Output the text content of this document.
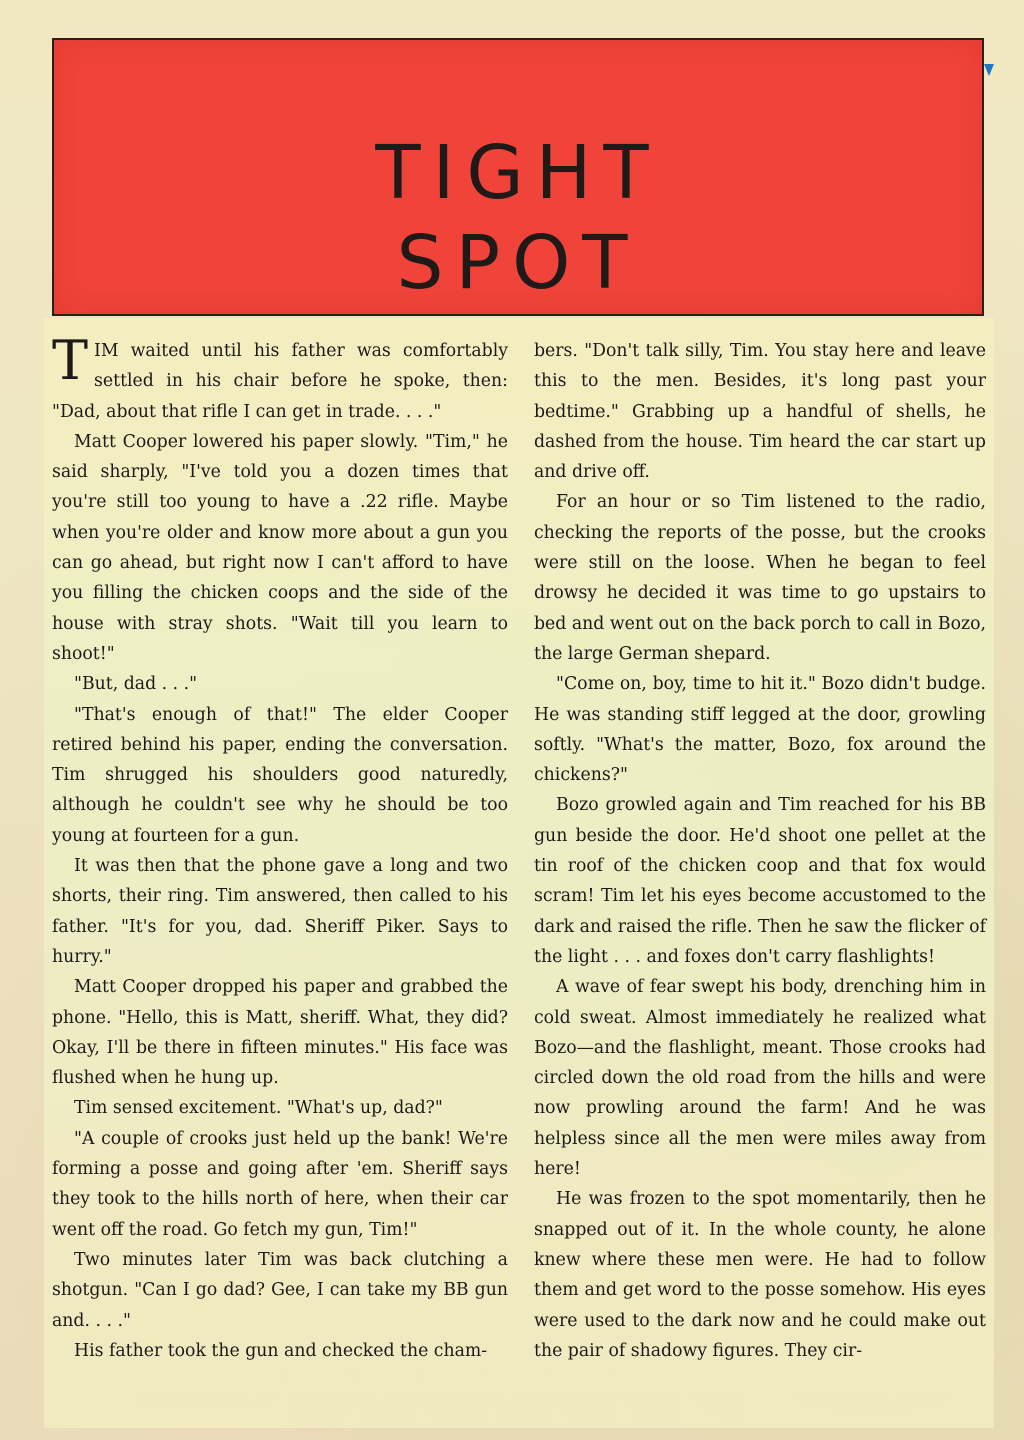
TIGHT
SPOT

TIM waited until his father was comfortably settled in his chair before he spoke, then: "Dad, about that rifle I can get in trade. . . ."

Matt Cooper lowered his paper slowly. "Tim," he said sharply, "I've told you a dozen times that you're still too young to have a .22 rifle. Maybe when you're older and know more about a gun you can go ahead, but right now I can't afford to have you filling the chicken coops and the side of the house with stray shots. "Wait till you learn to shoot!"

"But, dad . . ."

"That's enough of that!" The elder Cooper retired behind his paper, ending the conversation. Tim shrugged his shoulders good naturedly, although he couldn't see why he should be too young at fourteen for a gun.

It was then that the phone gave a long and two shorts, their ring. Tim answered, then called to his father. "It's for you, dad. Sheriff Piker. Says to hurry."

Matt Cooper dropped his paper and grabbed the phone. "Hello, this is Matt, sheriff. What, they did? Okay, I'll be there in fifteen minutes." His face was flushed when he hung up.

Tim sensed excitement. "What's up, dad?"

"A couple of crooks just held up the bank! We're forming a posse and going after 'em. Sheriff says they took to the hills north of here, when their car went off the road. Go fetch my gun, Tim!"

Two minutes later Tim was back clutching a shotgun. "Can I go dad? Gee, I can take my BB gun and. . . ."

His father took the gun and checked the cham-

bers. "Don't talk silly, Tim. You stay here and leave this to the men. Besides, it's long past your bedtime." Grabbing up a handful of shells, he dashed from the house. Tim heard the car start up and drive off.

For an hour or so Tim listened to the radio, checking the reports of the posse, but the crooks were still on the loose. When he began to feel drowsy he decided it was time to go upstairs to bed and went out on the back porch to call in Bozo, the large German shepard.

"Come on, boy, time to hit it." Bozo didn't budge. He was standing stiff legged at the door, growling softly. "What's the matter, Bozo, fox around the chickens?"

Bozo growled again and Tim reached for his BB gun beside the door. He'd shoot one pellet at the tin roof of the chicken coop and that fox would scram! Tim let his eyes become accustomed to the dark and raised the rifle. Then he saw the flicker of the light . . . and foxes don't carry flashlights!

A wave of fear swept his body, drenching him in cold sweat. Almost immediately he realized what Bozo—and the flashlight, meant. Those crooks had circled down the old road from the hills and were now prowling around the farm! And he was helpless since all the men were miles away from here!

He was frozen to the spot momentarily, then he snapped out of it. In the whole county, he alone knew where these men were. He had to follow them and get word to the posse somehow. His eyes were used to the dark now and he could make out the pair of shadowy figures. They cir-
